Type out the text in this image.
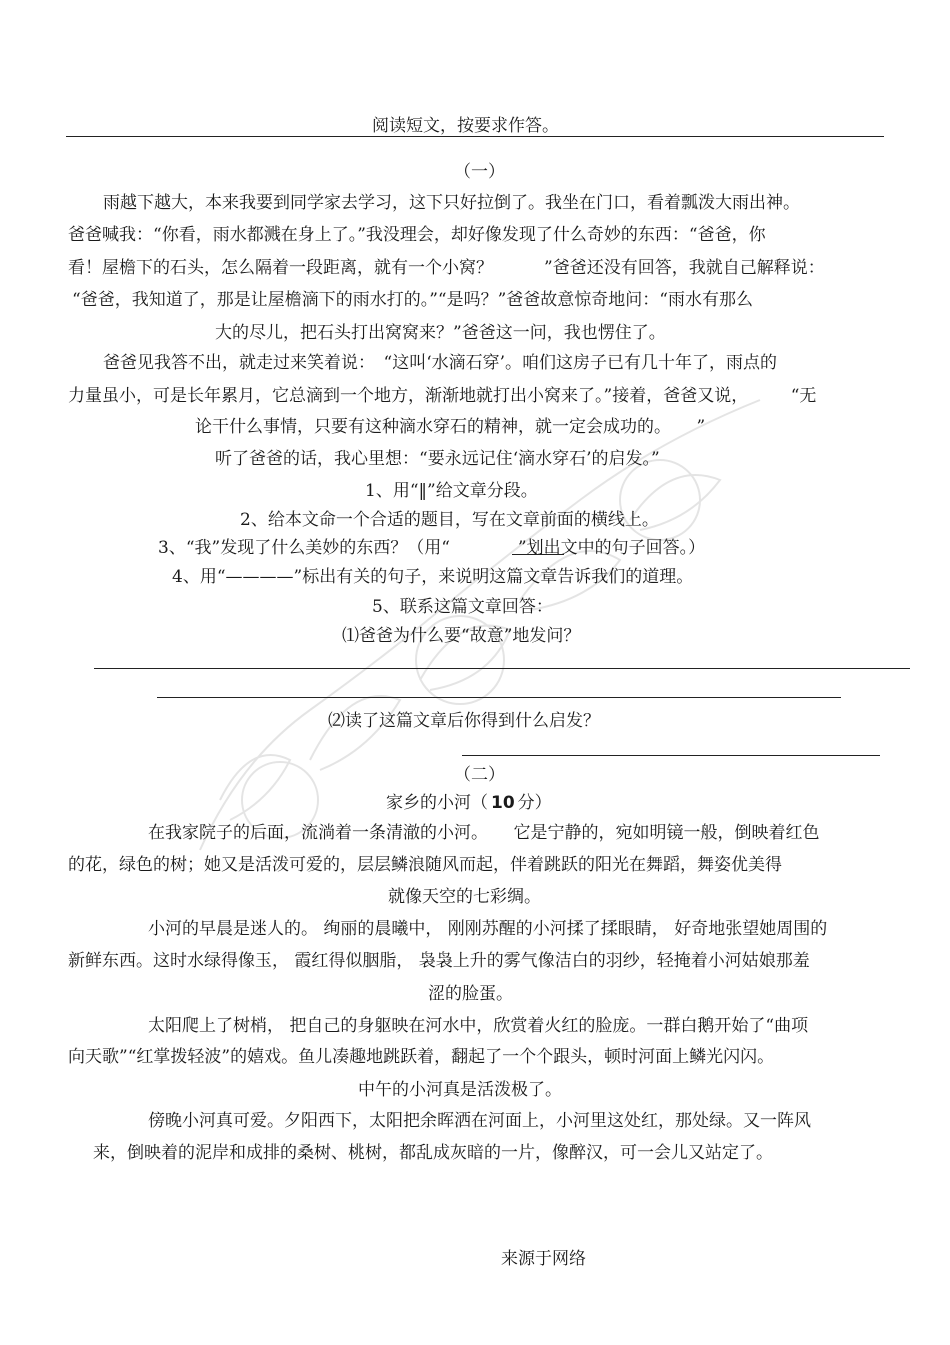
阅读短文，按要求作答。
（一）
雨越下越大，本来我要到同学家去学习，这下只好拉倒了。我坐在门口，看着瓢泼大雨出神。
爸爸喊我：“你看，雨水都溅在身上了。”我没理会，却好像发现了什么奇妙的东西：“爸爸，你
看！屋檐下的石头，怎么隔着一段距离，就有一个小窝？　　　”爸爸还没有回答，我就自己解释说：
“爸爸，我知道了，那是让屋檐滴下的雨水打的。”“是吗？”爸爸故意惊奇地问：“雨水有那么
大的尽儿，把石头打出窝窝来？”爸爸这一问，我也愣住了。
爸爸见我答不出，就走过来笑着说：　“这叫‘水滴石穿’。咱们这房子已有几十年了，雨点的
力量虽小，可是长年累月，它总滴到一个地方，渐渐地就打出小窝来了。”接着，爸爸又说，　　　“无
论干什么事情，只要有这种滴水穿石的精神，就一定会成功的。　　”
听了爸爸的话，我心里想：“要永远记住‘滴水穿石’的启发。”
1、用“‖”给文章分段。
2、给本文命一个合适的题目，写在文章前面的横线上。
3、“我”发现了什么美妙的东西？（用“　　　　”划出文中的句子回答。）
4、用“————”标出有关的句子，来说明这篇文章告诉我们的道理。
5、联系这篇文章回答：
⑴爸爸为什么要“故意”地发问？
⑵读了这篇文章后你得到什么启发？
（二）
家乡的小河（ 10 分）
在我家院子的后面，流淌着一条清澈的小河。　　它是宁静的，宛如明镜一般，倒映着红色
的花，绿色的树；她又是活泼可爱的，层层鳞浪随风而起，伴着跳跃的阳光在舞蹈，舞姿优美得
就像天空的七彩绸。
小河的早晨是迷人的。 绚丽的晨曦中， 刚刚苏醒的小河揉了揉眼睛， 好奇地张望她周围的
新鲜东西。这时水绿得像玉， 霞红得似胭脂， 袅袅上升的雾气像洁白的羽纱，轻掩着小河姑娘那羞
涩的脸蛋。
太阳爬上了树梢， 把自己的身躯映在河水中，欣赏着火红的脸庞。一群白鹅开始了“曲项
向天歌”“红掌拨轻波”的嬉戏。鱼儿凑趣地跳跃着，翻起了一个个跟头，顿时河面上鳞光闪闪。
中午的小河真是活泼极了。
傍晚小河真可爱。夕阳西下，太阳把余晖洒在河面上，小河里这处红，那处绿。又一阵风
来，倒映着的泥岸和成排的桑树、桃树，都乱成灰暗的一片，像醉汉，可一会儿又站定了。
来源于网络
